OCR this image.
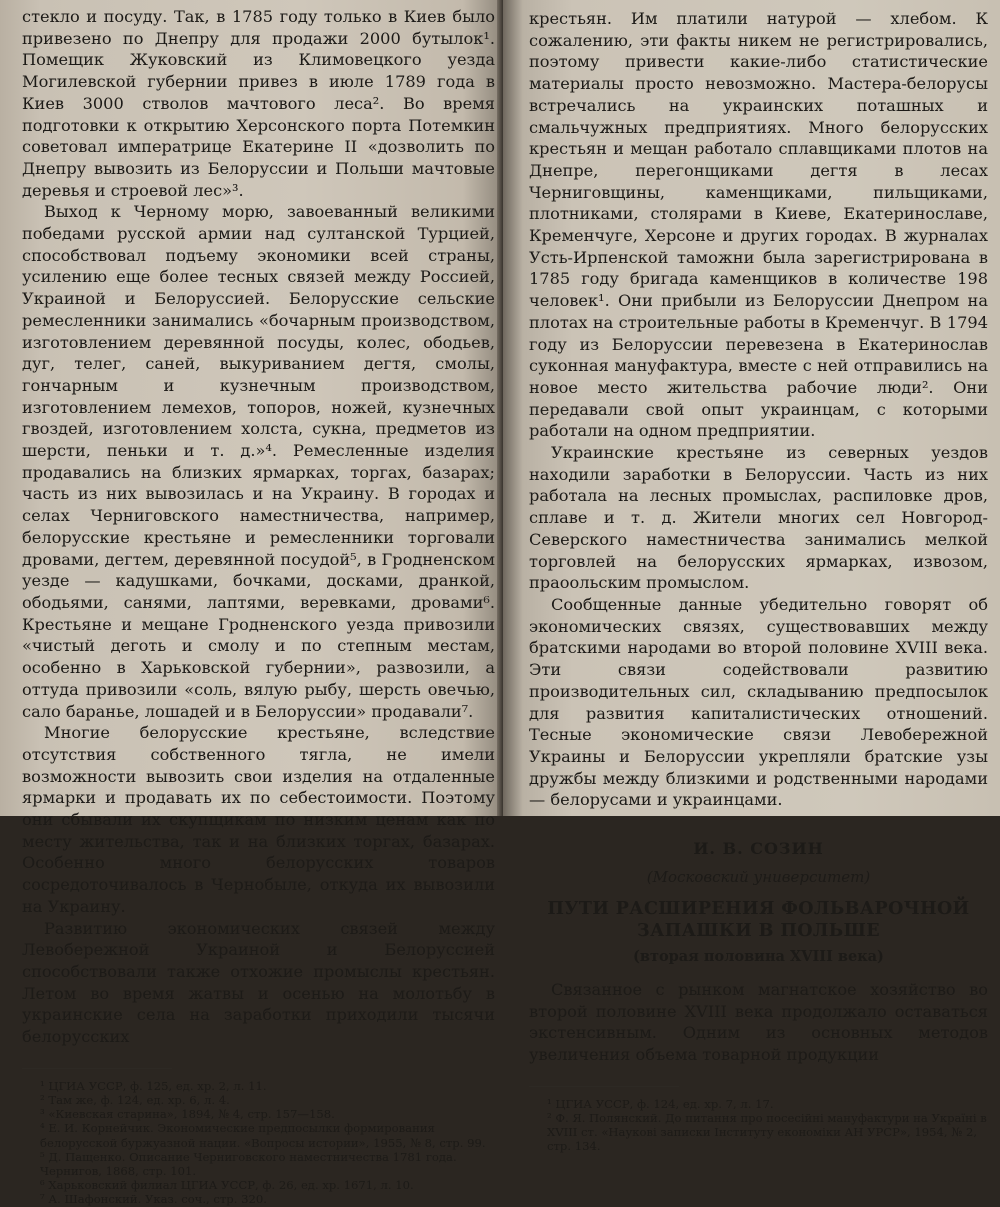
стекло и посуду. Так, в 1785 году только в Киев было привезено по Днепру для продажи 2000 бутылок¹. Помещик Жуковский из Климовецкого уезда Могилевской губернии привез в июле 1789 года в Киев 3000 стволов мачтового леса². Во время подготовки к открытию Херсонского порта Потемкин советовал императрице Екатерине II «дозволить по Днепру вывозить из Белоруссии и Польши мачтовые деревья и строевой лес»³.

Выход к Черному морю, завоеванный великими победами русской армии над султанской Турцией, способствовал подъему экономики всей страны, усилению еще более тесных связей между Россией, Украиной и Белоруссией. Белорусские сельские ремесленники занимались «бочарным производством, изготовлением деревянной посуды, колес, ободьев, дуг, телег, саней, выкуриванием дегтя, смолы, гончарным и кузнечным производством, изготовлением лемехов, топоров, ножей, кузнечных гвоздей, изготовлением холста, сукна, предметов из шерсти, пеньки и т. д.»⁴. Ремесленные изделия продавались на близких ярмарках, торгах, базарах; часть из них вывозилась и на Украину. В городах и селах Черниговского наместничества, например, белорусские крестьяне и ремесленники торговали дровами, дегтем, деревянной посудой⁵, в Гродненском уезде — кадушками, бочками, досками, дранкой, ободьями, санями, лаптями, веревками, дровами⁶. Крестьяне и мещане Гродненского уезда привозили «чистый деготь и смолу и по степным местам, особенно в Харьковской губернии», развозили, а оттуда привозили «соль, вялую рыбу, шерсть овечью, сало баранье, лошадей и в Белоруссии» продавали⁷.

Многие белорусские крестьяне, вследствие отсутствия собственного тягла, не имели возможности вывозить свои изделия на отдаленные ярмарки и продавать их по себестоимости. Поэтому они сбывали их скупщикам по низким ценам как по месту жительства, так и на близких торгах, базарах. Особенно много белорусских товаров сосредоточивалось в Чернобыле, откуда их вывозили на Украину.

Развитию экономических связей между Левобережной Украиной и Белоруссией способствовали также отхожие промыслы крестьян. Летом во время жатвы и осенью на молотьбу в украинские села на заработки приходили тысячи белорусских

¹ ЦГИА УССР, ф. 125, ед. хр. 2, л. 11.
² Там же, ф. 124, ед. хр. 6, л. 4.
³ «Киевская старина», 1894, № 4, стр. 157—158.
⁴ Е. И. Корнейчик. Экономические предпосылки формирования белорусской буржуазной нации. «Вопросы истории», 1955, № 8, стр. 99.
⁵ Д. Пащенко. Описание Черниговского наместничества 1781 года. Чернигов, 1868, стр. 101.
⁶ Харьковский филиал ЦГИА УССР, ф. 26, ед. хр. 1671, л. 10.
⁷ А. Шафонский. Указ. соч., стр. 320.

крестьян. Им платили натурой — хлебом. К сожалению, эти факты никем не регистрировались, поэтому привести какие-либо статистические материалы просто невозможно. Мастера-белорусы встречались на украинских поташных и смальчужных предприятиях. Много белорусских крестьян и мещан работало сплавщиками плотов на Днепре, перегонщиками дегтя в лесах Черниговщины, каменщиками, пильщиками, плотниками, столярами в Киеве, Екатеринославе, Кременчуге, Херсоне и других городах. В журналах Усть-Ирпенской таможни была зарегистрирована в 1785 году бригада каменщиков в количестве 198 человек¹. Они прибыли из Белоруссии Днепром на плотах на строительные работы в Кременчуг. В 1794 году из Белоруссии перевезена в Екатеринослав суконная мануфактура, вместе с ней отправились на новое место жительства рабочие люди². Они передавали свой опыт украинцам, с которыми работали на одном предприятии.

Украинские крестьяне из северных уездов находили заработки в Белоруссии. Часть из них работала на лесных промыслах, распиловке дров, сплаве и т. д. Жители многих сел Новгород-Северского наместничества занимались мелкой торговлей на белорусских ярмарках, извозом, праоольским промыслом.

Сообщенные данные убедительно говорят об экономических связях, существовавших между братскими народами во второй половине XVIII века. Эти связи содействовали развитию производительных сил, складыванию предпосылок для развития капиталистических отношений. Тесные экономические связи Левобережной Украины и Белоруссии укрепляли братские узы дружбы между близкими и родственными народами — белорусами и украинцами.

И. В. СОЗИН
(Московский университет)
ПУТИ РАСШИРЕНИЯ ФОЛЬВАРОЧНОЙ
ЗАПАШКИ В ПОЛЬШЕ
(вторая половина XVIII века)

Связанное с рынком магнатское хозяйство во второй половине XVIII века продолжало оставаться экстенсивным. Одним из основных методов увеличения объема товарной продукции

¹ ЦГИА УССР, ф. 124, ед. хр. 7, л. 17.
² Ф. Я. Полянский. До питання про посесійні мануфактури на Україні в XVIII ст. «Наукові записки Інституту економіки АН УРСР», 1954, № 2, стр. 134.
